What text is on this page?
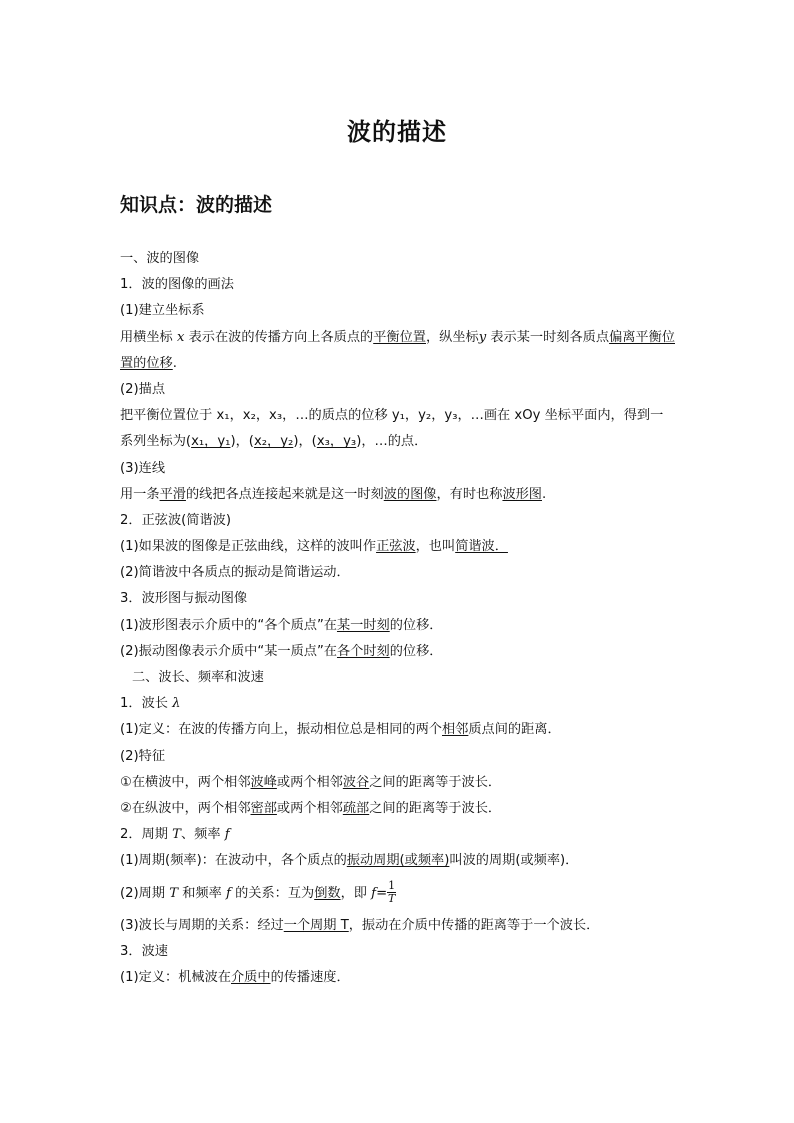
波的描述
知识点：波的描述
一、波的图像
1．波的图像的画法
(1)建立坐标系
用横坐标 x 表示在波的传播方向上各质点的平衡位置，纵坐标y 表示某一时刻各质点偏离平衡位置的位移.
(2)描点
把平衡位置位于 x₁，x₂，x₃，…的质点的位移 y₁，y₂，y₃，…画在 xOy 坐标平面内，得到一系列坐标为(x₁，y₁)，(x₂，y₂)，(x₃，y₃)，…的点．
(3)连线
用一条平滑的线把各点连接起来就是这一时刻波的图像，有时也称波形图.
2．正弦波(简谐波)
(1)如果波的图像是正弦曲线，这样的波叫作正弦波，也叫简谐波．
(2)简谐波中各质点的振动是简谐运动．
3．波形图与振动图像
(1)波形图表示介质中的“各个质点”在某一时刻的位移．
(2)振动图像表示介质中“某一质点”在各个时刻的位移．
二、波长、频率和波速
1．波长 λ
(1)定义：在波的传播方向上，振动相位总是相同的两个相邻质点间的距离．
(2)特征
①在横波中，两个相邻波峰或两个相邻波谷之间的距离等于波长．
②在纵波中，两个相邻密部或两个相邻疏部之间的距离等于波长．
2．周期 T、频率 f
(1)周期(频率)：在波动中，各个质点的振动周期(或频率)叫波的周期(或频率)．
(2)周期 T 和频率 f 的关系：互为倒数，即 $f= \frac{1}{T}$
(3)波长与周期的关系：经过一个周期 T，振动在介质中传播的距离等于一个波长．
3．波速
(1)定义：机械波在介质中的传播速度．
